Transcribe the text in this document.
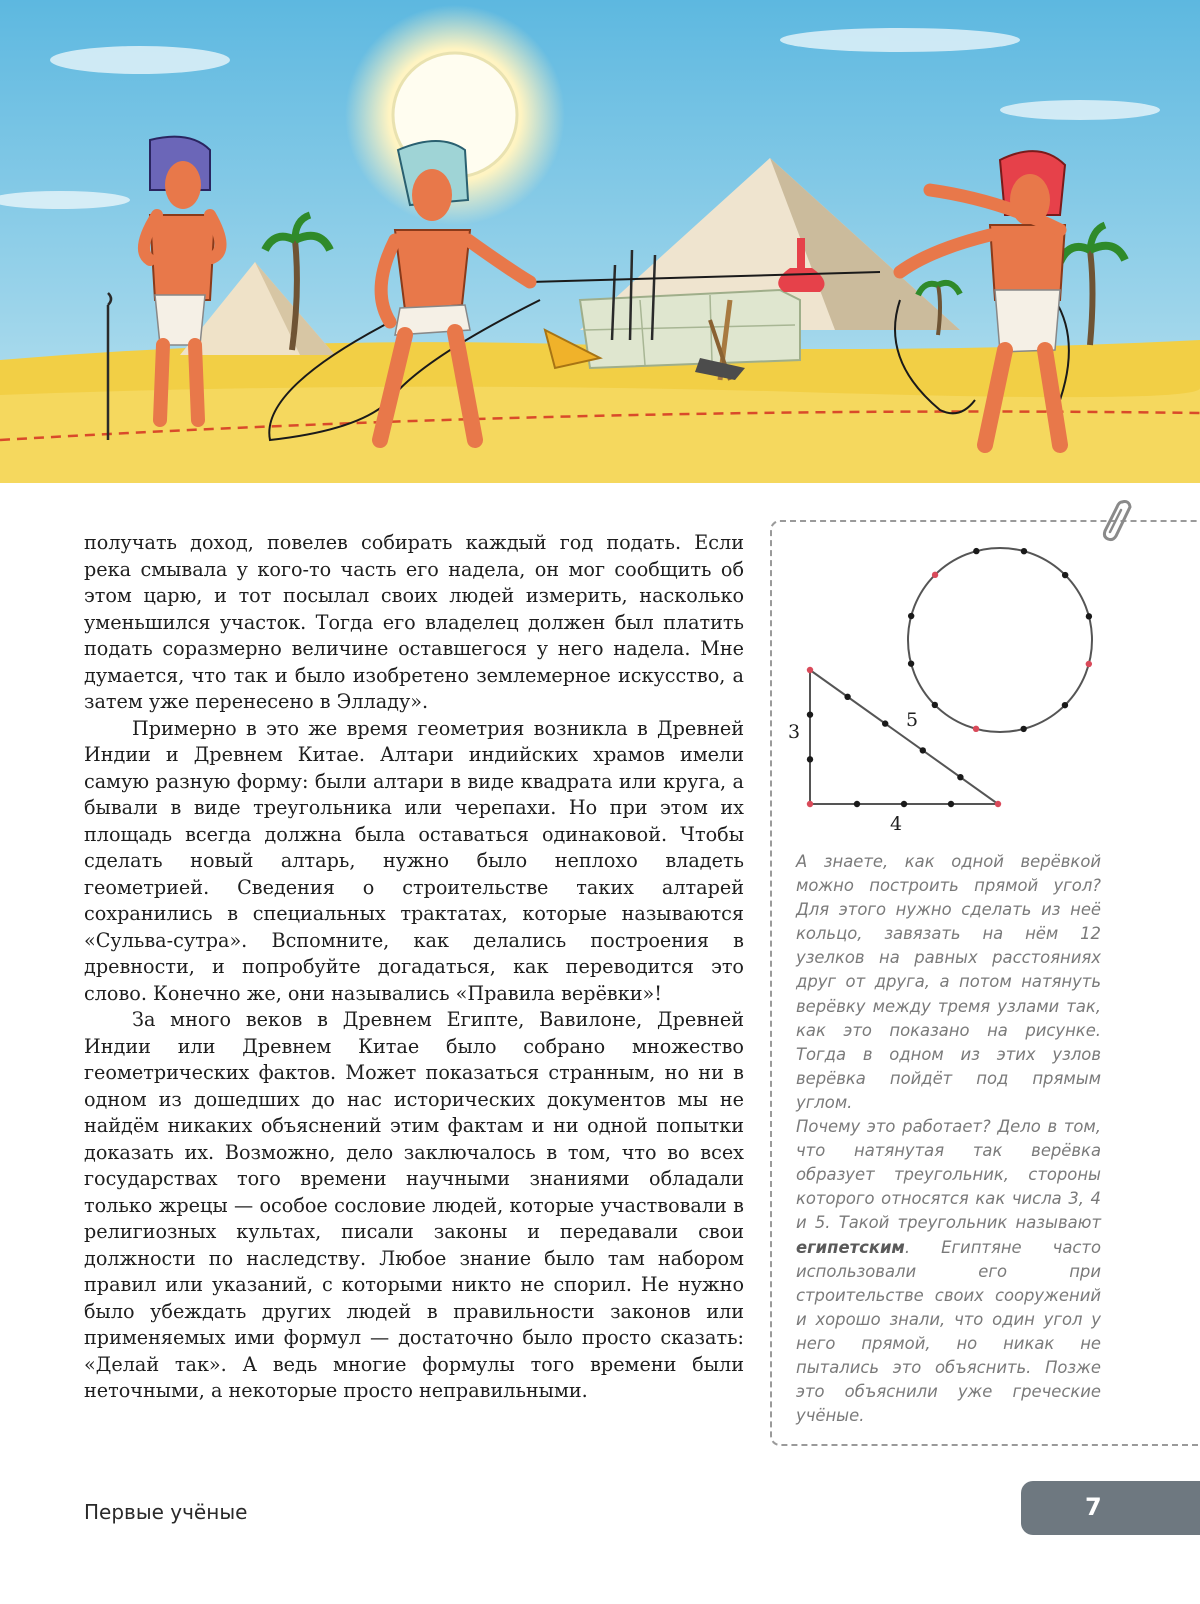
получать доход, повелев собирать каждый год подать. Если река смывала у кого-то часть его надела, он мог сообщить об этом царю, и тот посылал своих людей измерить, насколько уменьшился участок. Тогда его владелец должен был платить подать соразмерно величине оставшегося у него надела. Мне думается, что так и было изобретено землемерное искусство, а затем уже перенесено в Элладу».

Примерно в это же время геометрия возникла в Древней Индии и Древнем Китае. Алтари индийских храмов имели самую разную форму: были алтари в виде квадрата или круга, а бывали в виде треугольника или черепахи. Но при этом их площадь всегда должна была оставаться одинаковой. Чтобы сделать новый алтарь, нужно было неплохо владеть геометрией. Сведения о строительстве таких алтарей сохранились в специальных трактатах, которые называются «Сульва-сутра». Вспомните, как делались построения в древности, и попробуйте догадаться, как переводится это слово. Конечно же, они назывались «Правила верёвки»!

За много веков в Древнем Египте, Вавилоне, Древней Индии или Древнем Китае было собрано множество геометрических фактов. Может показаться странным, но ни в одном из дошедших до нас исторических документов мы не найдём никаких объяснений этим фактам и ни одной попытки доказать их. Возможно, дело заключалось в том, что во всех государствах того времени научными знаниями обладали только жрецы — особое сословие людей, которые участвовали в религиозных культах, писали законы и передавали свои должности по наследству. Любое знание было там набором правил или указаний, с которыми никто не спорил. Не нужно было убеждать других людей в правильности законов или применяемых ими формул — достаточно было просто сказать: «Делай так». А ведь многие формулы того времени были неточными, а некоторые просто неправильными.

3
4
5

А знаете, как одной верёвкой можно построить прямой угол? Для этого нужно сделать из неё кольцо, завязать на нём 12 узелков на равных расстояниях друг от друга, а потом натянуть верёвку между тремя узлами так, как это показано на рисунке. Тогда в одном из этих узлов верёвка пойдёт под прямым углом.

Почему это работает? Дело в том, что натянутая так верёвка образует треугольник, стороны которого относятся как числа 3, 4 и 5. Такой треугольник называют египетским. Египтяне часто использовали его при строительстве своих сооружений и хорошо знали, что один угол у него прямой, но никак не пытались это объяснить. Позже это объяснили уже греческие учёные.

Первые учёные	7
